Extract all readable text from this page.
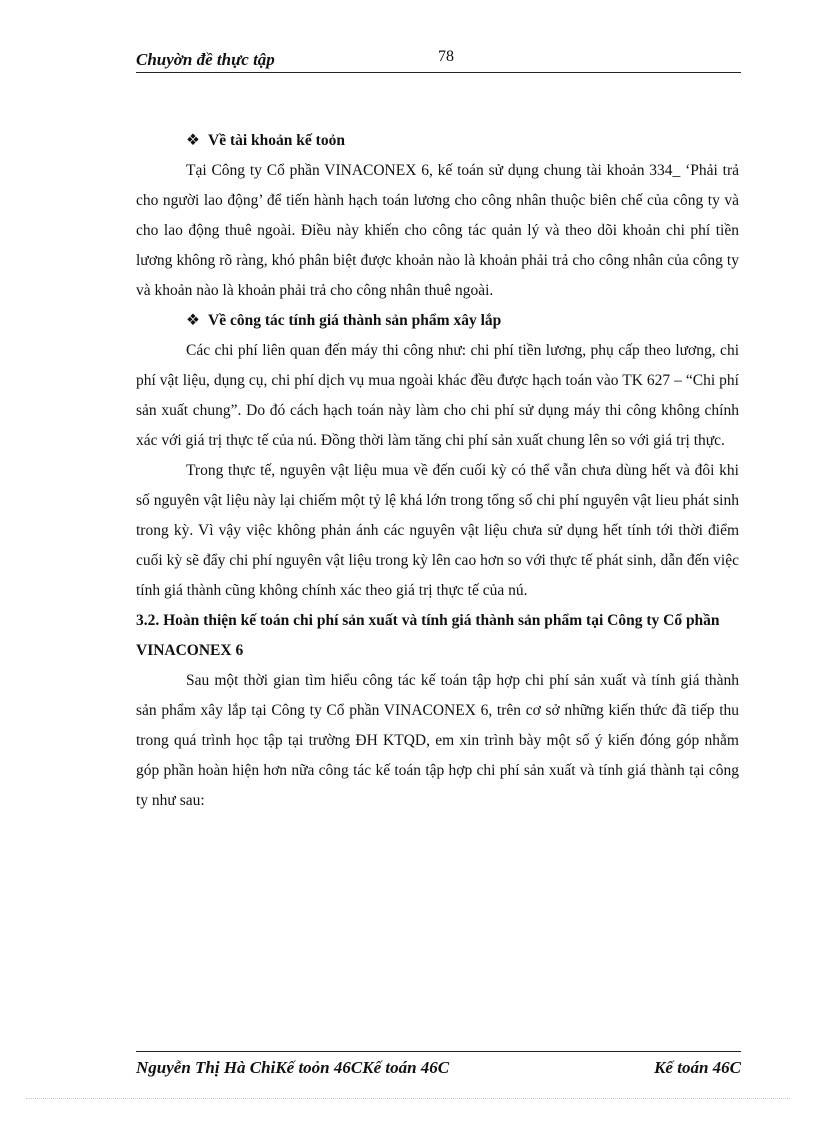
Chuyờn đề thực tập	78

❖ Về tài khoản kế toỏn

Tại Công ty Cổ phần VINACONEX 6, kế toán sử dụng chung tài khoản 334_ ‘Phải trả cho người lao động’ để tiến hành hạch toán lương cho công nhân thuộc biên chế của công ty và cho lao động thuê ngoài. Điều này khiến cho công tác quản lý và theo dõi khoản chi phí tiền lương không rõ ràng, khó phân biệt được khoản nào là khoản phải trả cho công nhân của công ty và khoản nào là khoản phải trả cho công nhân thuê ngoài.

❖ Về công tác tính giá thành sản phẩm xây lắp

Các chi phí liên quan đến máy thi công như: chi phí tiền lương, phụ cấp theo lương, chi phí vật liệu, dụng cụ, chi phí dịch vụ mua ngoài khác đều được hạch toán vào TK 627 – “Chi phí sản xuất chung”. Do đó cách hạch toán này làm cho chi phí sử dụng máy thi công không chính xác với giá trị thực tế của nú. Đồng thời làm tăng chi phí sản xuất chung lên so với giá trị thực.

Trong thực tế, nguyên vật liệu mua về đến cuối kỳ có thể vẫn chưa dùng hết và đôi khi số nguyên vật liệu này lại chiếm một tỷ lệ khá lớn trong tổng số chi phí nguyên vật lieu phát sinh trong kỳ. Vì vậy việc không phản ánh các nguyên vật liệu chưa sử dụng hết tính tới thời điểm cuối kỳ sẽ đẩy chi phí nguyên vật liệu trong kỳ lên cao hơn so với thực tế phát sinh, dẫn đến việc tính giá thành cũng không chính xác theo giá trị thực tế của nú.

3.2. Hoàn thiện kế toán chi phí sản xuất và tính giá thành sản phẩm tại Công ty Cổ phần VINACONEX 6

Sau một thời gian tìm hiểu công tác kế toán tập hợp chi phí sản xuất và tính giá thành sản phẩm xây lắp tại Công ty Cổ phần VINACONEX 6, trên cơ sở những kiến thức đã tiếp thu trong quá trình học tập tại trường ĐH KTQD, em xin trình bày một số ý kiến đóng góp nhằm góp phần hoàn hiện hơn nữa công tác kế toán tập hợp chi phí sản xuất và tính giá thành tại công ty như sau:

Nguyễn Thị Hà ChiKế toỏn 46CKế toán 46C	Kế toán 46C
